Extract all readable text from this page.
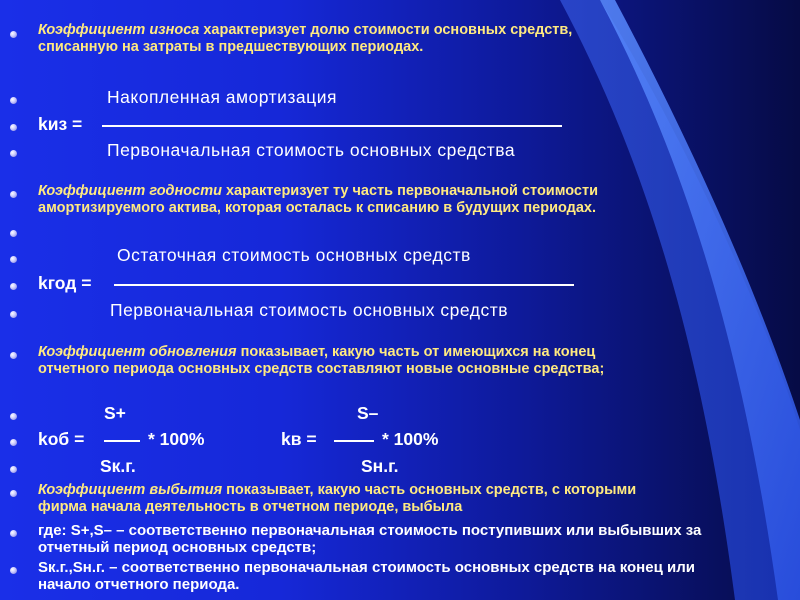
Коэффициент износа характеризует долю стоимости основных средств,
списанную на затраты в предшествующих периодах.
Накопленная амортизация
kиз =
Первоначальная стоимость основных средства
Коэффициент годности характеризует ту часть первоначальной стоимости
амортизируемого актива, которая осталась к списанию в будущих периодах.
Остаточная стоимость основных средств
kгод =
Первоначальная стоимость основных средств
Коэффициент обновления показывает, какую часть от имеющихся на конец
отчетного периода основных средств составляют новые основные средства;
S+	S–
kоб =	* 100%	kв =	* 100%
Sк.г.	Sн.г.
Коэффициент выбытия показывает, какую часть основных средств, с которыми
фирма начала деятельность в отчетном периоде, выбыла
где: S+,S– – соответственно первоначальная стоимость поступивших или выбывших за
отчетный период основных средств;
Sк.г.,Sн.г. – соответственно первоначальная стоимость основных средств на конец или
начало отчетного периода.
